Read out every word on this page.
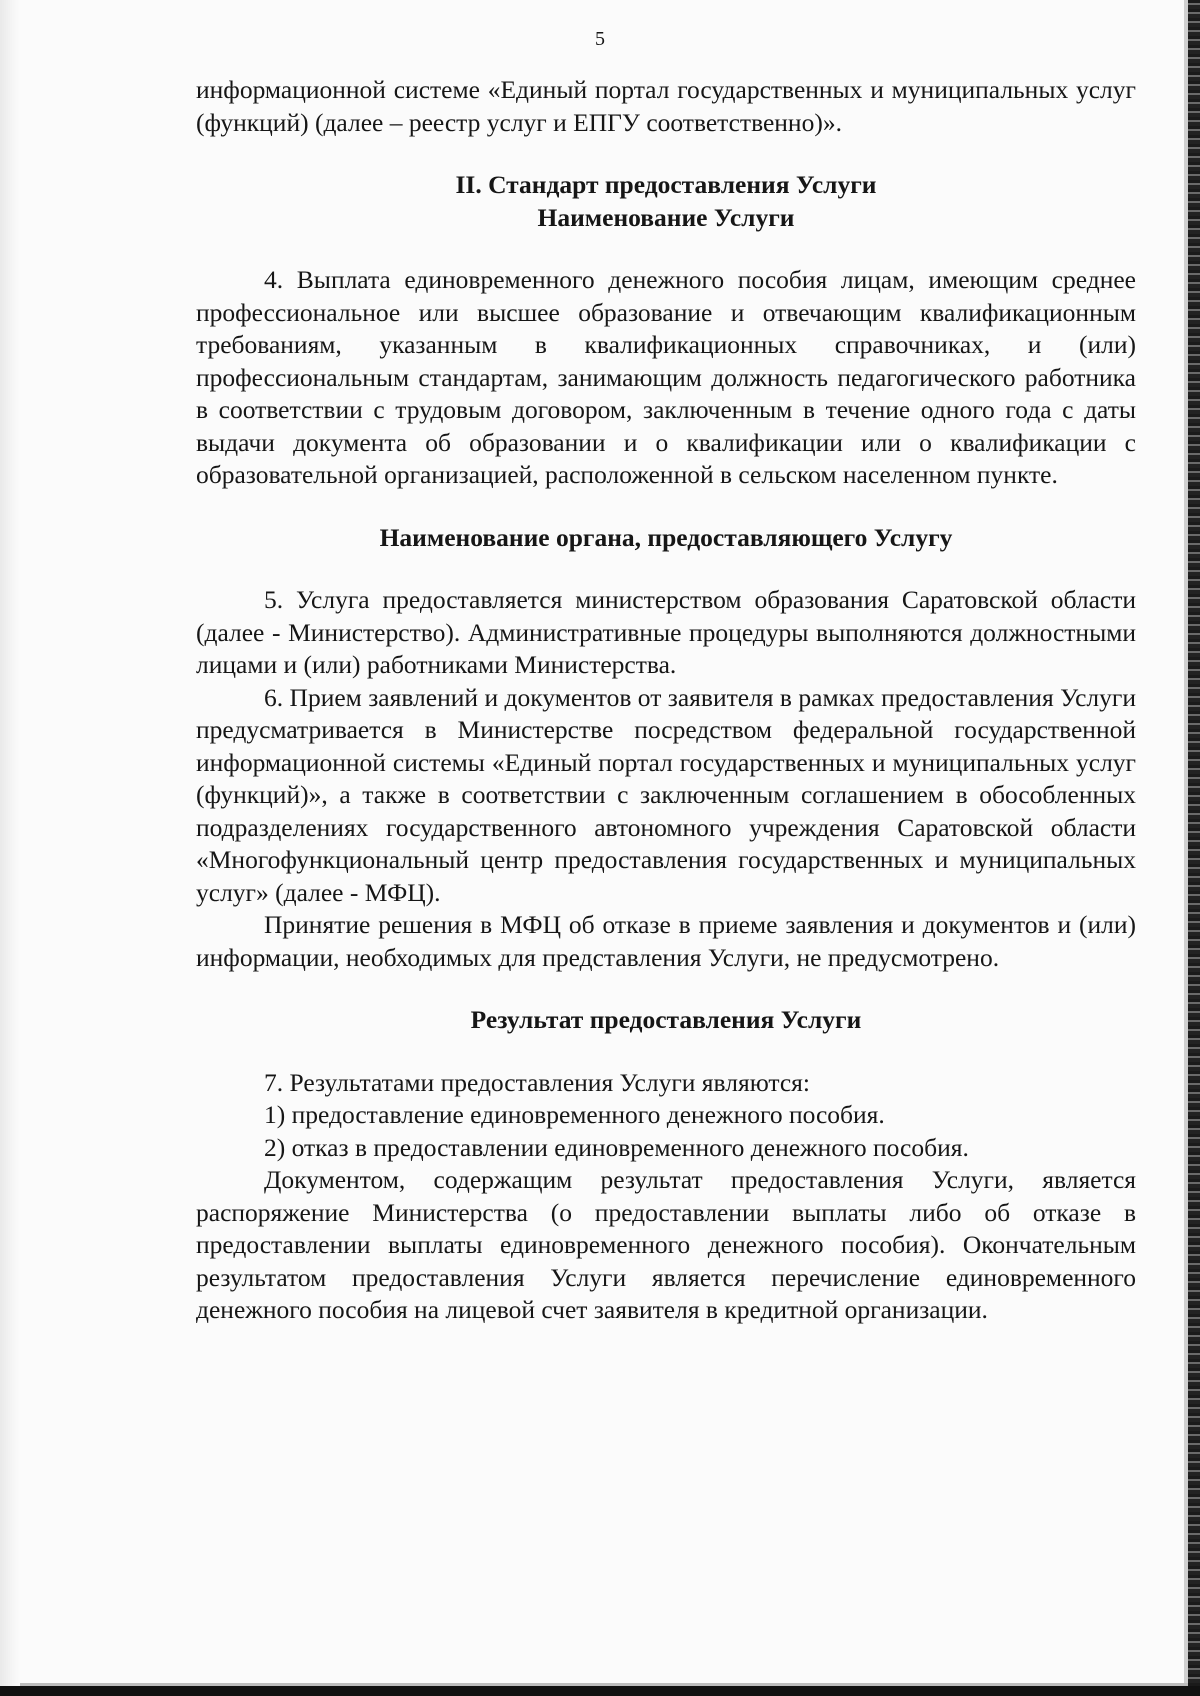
5

информационной системе «Единый портал государственных и муниципальных услуг (функций) (далее – реестр услуг и ЕПГУ соответственно)».

II. Стандарт предоставления Услуги
Наименование Услуги

4. Выплата единовременного денежного пособия лицам, имеющим среднее профессиональное или высшее образование и отвечающим квалификационным требованиям, указанным в квалификационных справочниках, и (или) профессиональным стандартам, занимающим должность педагогического работника в соответствии с трудовым договором, заключенным в течение одного года с даты выдачи документа об образовании и о квалификации или о квалификации с образовательной организацией, расположенной в сельском населенном пункте.

Наименование органа, предоставляющего Услугу

5. Услуга предоставляется министерством образования Саратовской области (далее - Министерство). Административные процедуры выполняются должностными лицами и (или) работниками Министерства.

6. Прием заявлений и документов от заявителя в рамках предоставления Услуги предусматривается в Министерстве посредством федеральной государственной информационной системы «Единый портал государственных и муниципальных услуг (функций)», а также в соответствии с заключенным соглашением в обособленных подразделениях государственного автономного учреждения Саратовской области «Многофункциональный центр предоставления государственных и муниципальных услуг» (далее - МФЦ).

Принятие решения в МФЦ об отказе в приеме заявления и документов и (или) информации, необходимых для представления Услуги, не предусмотрено.

Результат предоставления Услуги

7. Результатами предоставления Услуги являются:

1) предоставление единовременного денежного пособия.

2) отказ в предоставлении единовременного денежного пособия.

Документом, содержащим результат предоставления Услуги, является распоряжение Министерства (о предоставлении выплаты либо об отказе в предоставлении выплаты единовременного денежного пособия). Окончательным результатом предоставления Услуги является перечисление единовременного денежного пособия на лицевой счет заявителя в кредитной организации.
